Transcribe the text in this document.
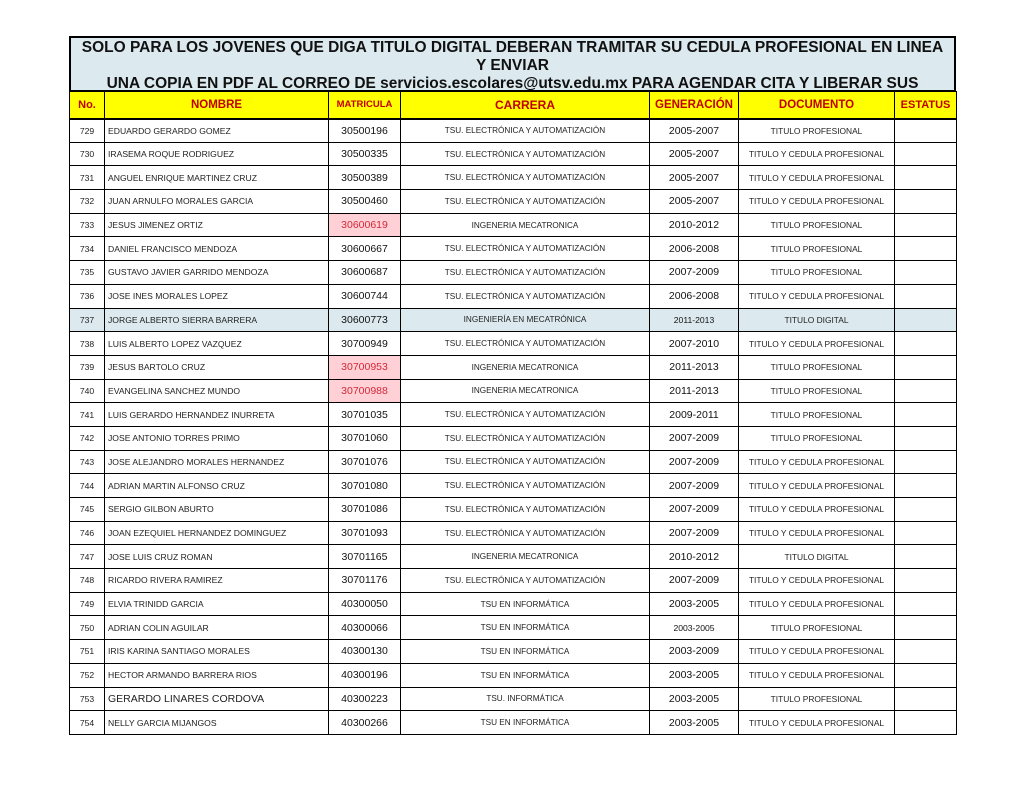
SOLO PARA LOS JOVENES QUE DIGA TITULO DIGITAL DEBERAN TRAMITAR SU CEDULA PROFESIONAL EN LINEA Y ENVIAR
UNA COPIA EN PDF AL CORREO DE servicios.escolares@utsv.edu.mx PARA AGENDAR CITA Y LIBERAR SUS
No.	NOMBRE	MATRICULA	CARRERA	GENERACIÓN	DOCUMENTO	ESTATUS
729	EDUARDO GERARDO GOMEZ	30500196	TSU. ELECTRÓNICA Y AUTOMATIZACIÓN	2005-2007	TITULO PROFESIONAL	
730	IRASEMA ROQUE RODRIGUEZ	30500335	TSU. ELECTRÓNICA Y AUTOMATIZACIÓN	2005-2007	TITULO Y CEDULA PROFESIONAL	
731	ANGUEL ENRIQUE MARTINEZ CRUZ	30500389	TSU. ELECTRÓNICA Y AUTOMATIZACIÓN	2005-2007	TITULO Y CEDULA PROFESIONAL	
732	JUAN ARNULFO MORALES GARCIA	30500460	TSU. ELECTRÓNICA Y AUTOMATIZACIÓN	2005-2007	TITULO Y CEDULA PROFESIONAL	
733	JESUS JIMENEZ ORTIZ	30600619	INGENERIA MECATRONICA	2010-2012	TITULO PROFESIONAL	
734	DANIEL FRANCISCO MENDOZA	30600667	TSU. ELECTRÓNICA Y AUTOMATIZACIÓN	2006-2008	TITULO PROFESIONAL	
735	GUSTAVO JAVIER GARRIDO MENDOZA	30600687	TSU. ELECTRÓNICA Y AUTOMATIZACIÓN	2007-2009	TITULO PROFESIONAL	
736	JOSE INES MORALES LOPEZ	30600744	TSU. ELECTRÓNICA Y AUTOMATIZACIÓN	2006-2008	TITULO Y CEDULA PROFESIONAL	
737	JORGE ALBERTO SIERRA BARRERA	30600773	INGENIERÍA EN MECATRÓNICA	2011-2013	TITULO DIGITAL	
738	LUIS ALBERTO LOPEZ VAZQUEZ	30700949	TSU. ELECTRÓNICA Y AUTOMATIZACIÓN	2007-2010	TITULO Y CEDULA PROFESIONAL	
739	JESUS BARTOLO CRUZ	30700953	INGENERIA MECATRONICA	2011-2013	TITULO PROFESIONAL	
740	EVANGELINA SANCHEZ MUNDO	30700988	INGENERIA MECATRONICA	2011-2013	TITULO PROFESIONAL	
741	LUIS GERARDO HERNANDEZ INURRETA	30701035	TSU. ELECTRÓNICA Y AUTOMATIZACIÓN	2009-2011	TITULO PROFESIONAL	
742	JOSE ANTONIO TORRES PRIMO	30701060	TSU. ELECTRÓNICA Y AUTOMATIZACIÓN	2007-2009	TITULO PROFESIONAL	
743	JOSE ALEJANDRO MORALES HERNANDEZ	30701076	TSU. ELECTRÓNICA Y AUTOMATIZACIÓN	2007-2009	TITULO Y CEDULA PROFESIONAL	
744	ADRIAN MARTIN ALFONSO CRUZ	30701080	TSU. ELECTRÓNICA Y AUTOMATIZACIÓN	2007-2009	TITULO Y CEDULA PROFESIONAL	
745	SERGIO GILBON ABURTO	30701086	TSU. ELECTRÓNICA Y AUTOMATIZACIÓN	2007-2009	TITULO Y CEDULA PROFESIONAL	
746	JOAN EZEQUIEL HERNANDEZ DOMINGUEZ	30701093	TSU. ELECTRÓNICA Y AUTOMATIZACIÓN	2007-2009	TITULO Y CEDULA PROFESIONAL	
747	JOSE LUIS CRUZ ROMAN	30701165	INGENERIA MECATRONICA	2010-2012	TITULO DIGITAL	
748	RICARDO RIVERA RAMIREZ	30701176	TSU. ELECTRÓNICA Y AUTOMATIZACIÓN	2007-2009	TITULO Y CEDULA PROFESIONAL	
749	ELVIA TRINIDD GARCIA	40300050	TSU EN INFORMÁTICA	2003-2005	TITULO Y CEDULA PROFESIONAL	
750	ADRIAN COLIN AGUILAR	40300066	TSU EN INFORMÁTICA	2003-2005	TITULO PROFESIONAL	
751	IRIS KARINA SANTIAGO MORALES	40300130	TSU EN INFORMÁTICA	2003-2009	TITULO Y CEDULA PROFESIONAL	
752	HECTOR ARMANDO BARRERA RIOS	40300196	TSU EN INFORMÁTICA	2003-2005	TITULO Y CEDULA PROFESIONAL	
753	GERARDO LINARES CORDOVA	40300223	TSU. INFORMÁTICA	2003-2005	TITULO PROFESIONAL	
754	NELLY GARCIA MIJANGOS	40300266	TSU EN INFORMÁTICA	2003-2005	TITULO Y CEDULA PROFESIONAL	
